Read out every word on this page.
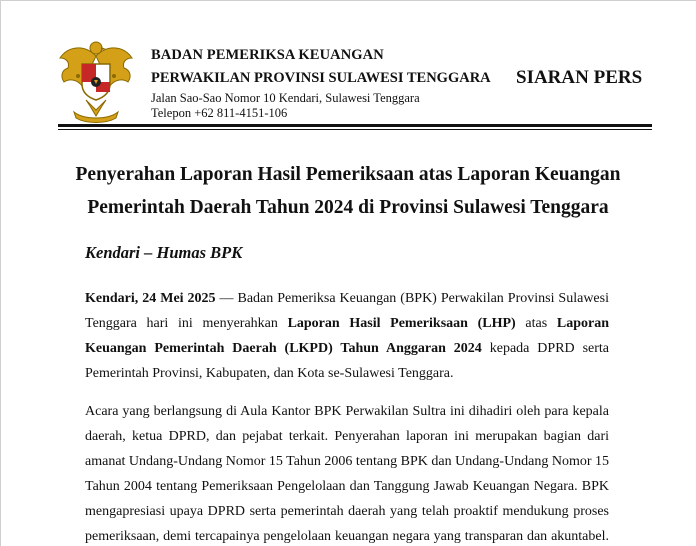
BADAN PEMERIKSA KEUANGAN
PERWAKILAN PROVINSI SULAWESI TENGGARA
Jalan Sao-Sao Nomor 10 Kendari, Sulawesi Tenggara
Telepon +62 811-4151-106
SIARAN PERS
Penyerahan Laporan Hasil Pemeriksaan atas Laporan Keuangan
Pemerintah Daerah Tahun 2024 di Provinsi Sulawesi Tenggara
Kendari – Humas BPK
Kendari, 24 Mei 2025 — Badan Pemeriksa Keuangan (BPK) Perwakilan Provinsi Sulawesi
Tenggara hari ini menyerahkan Laporan Hasil Pemeriksaan (LHP) atas Laporan
Keuangan Pemerintah Daerah (LKPD) Tahun Anggaran 2024 kepada DPRD serta
Pemerintah Provinsi, Kabupaten, dan Kota se-Sulawesi Tenggara.
Acara yang berlangsung di Aula Kantor BPK Perwakilan Sultra ini dihadiri oleh para kepala
daerah, ketua DPRD, dan pejabat terkait. Penyerahan laporan ini merupakan bagian dari
amanat Undang-Undang Nomor 15 Tahun 2006 tentang BPK dan Undang-Undang Nomor 15
Tahun 2004 tentang Pemeriksaan Pengelolaan dan Tanggung Jawab Keuangan Negara. BPK
mengapresiasi upaya DPRD serta pemerintah daerah yang telah proaktif mendukung proses
pemeriksaan, demi tercapainya pengelolaan keuangan negara yang transparan dan akuntabel.
